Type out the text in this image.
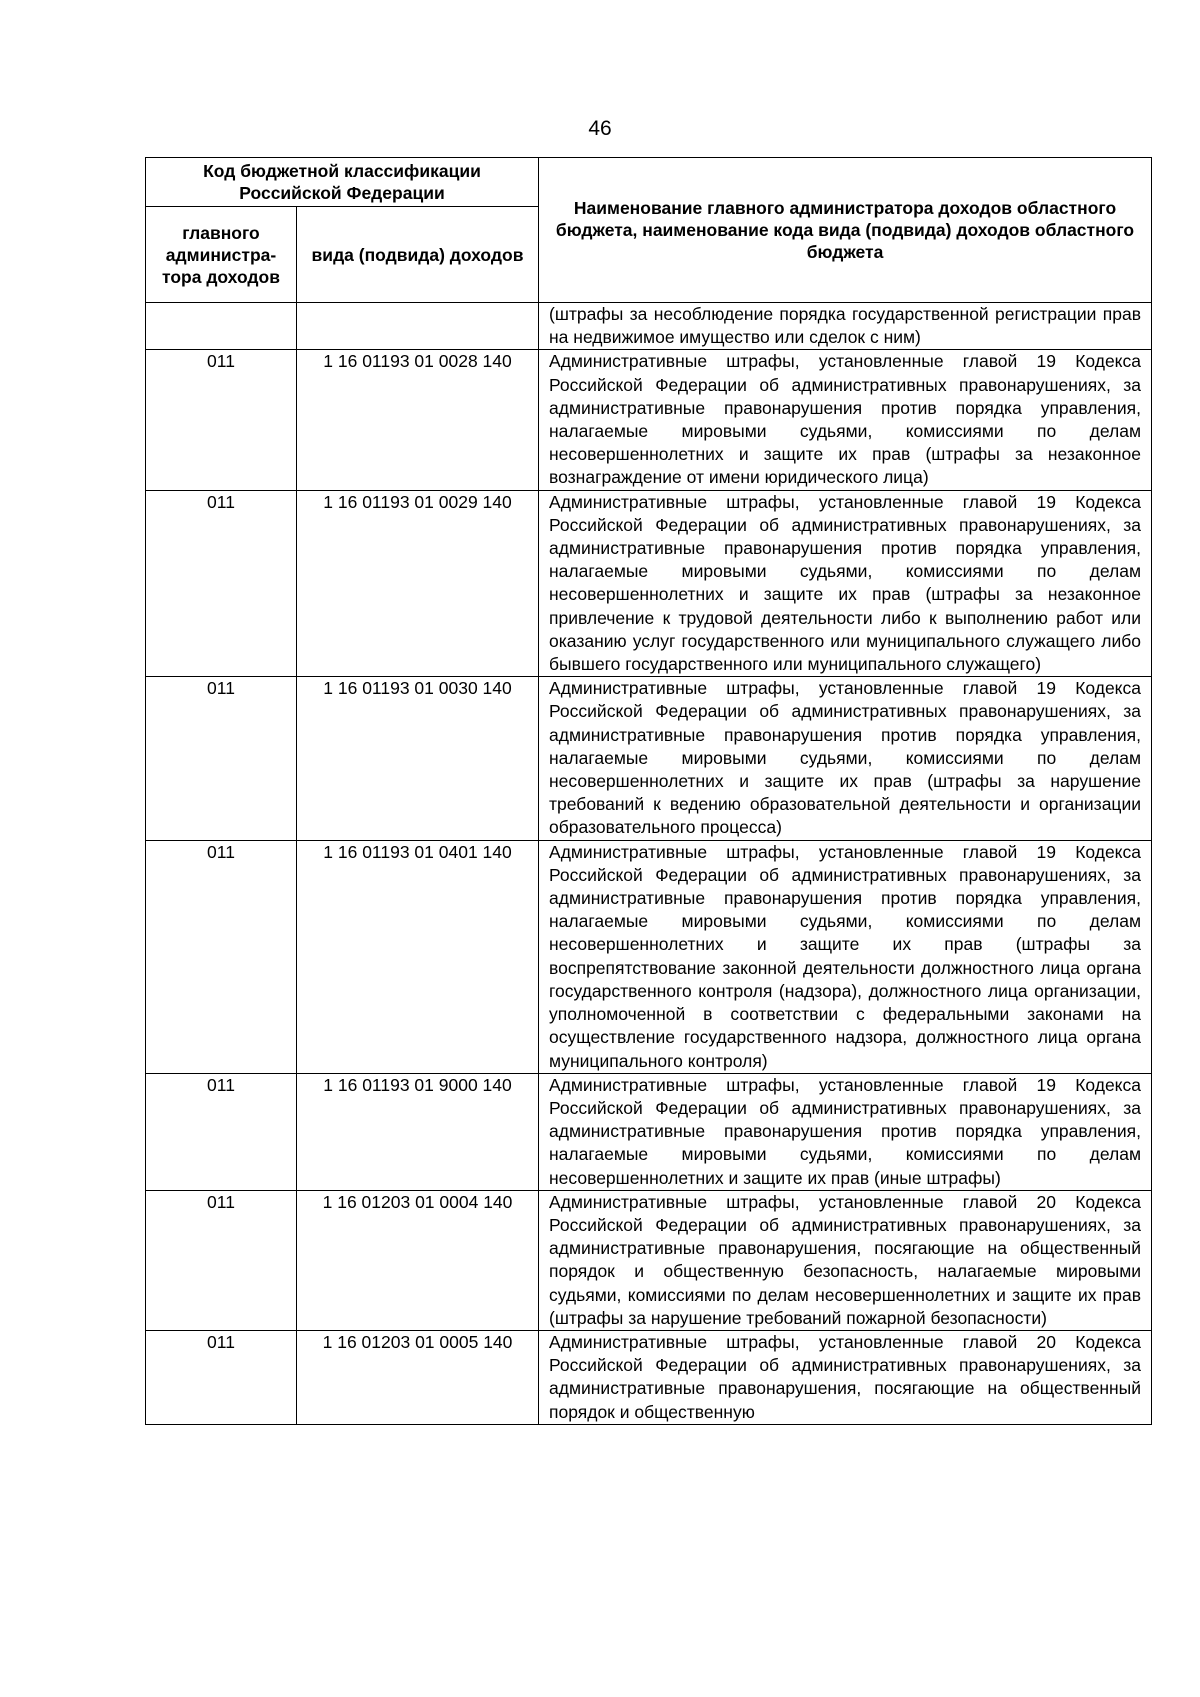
46
Код бюджетной классификации Российской Федерации		Наименование главного администратора доходов областного бюджета, наименование кода вида (подвида) доходов областного бюджета
главного администра-тора доходов	вида (подвида) доходов	
		(штрафы за несоблюдение порядка государственной регистрации прав на недвижимое имущество или сделок с ним)
011	1 16 01193 01 0028 140	Административные штрафы, установленные главой 19 Кодекса Российской Федерации об административных правонарушениях, за административные правонарушения против порядка управления, налагаемые мировыми судьями, комиссиями по делам несовершеннолетних и защите их прав (штрафы за незаконное вознаграждение от имени юридического лица)
011	1 16 01193 01 0029 140	Административные штрафы, установленные главой 19 Кодекса Российской Федерации об административных правонарушениях, за административные правонарушения против порядка управления, налагаемые мировыми судьями, комиссиями по делам несовершеннолетних и защите их прав (штрафы за незаконное привлечение к трудовой деятельности либо к выполнению работ или оказанию услуг государственного или муниципального служащего либо бывшего государственного или муниципального служащего)
011	1 16 01193 01 0030 140	Административные штрафы, установленные главой 19 Кодекса Российской Федерации об административных правонарушениях, за административные правонарушения против порядка управления, налагаемые мировыми судьями, комиссиями по делам несовершеннолетних и защите их прав (штрафы за нарушение требований к ведению образовательной деятельности и организации образовательного процесса)
011	1 16 01193 01 0401 140	Административные штрафы, установленные главой 19 Кодекса Российской Федерации об административных правонарушениях, за административные правонарушения против порядка управления, налагаемые мировыми судьями, комиссиями по делам несовершеннолетних и защите их прав (штрафы за воспрепятствование законной деятельности должностного лица органа государственного контроля (надзора), должностного лица организации, уполномоченной в соответствии с федеральными законами на осуществление государственного надзора, должностного лица органа муниципального контроля)
011	1 16 01193 01 9000 140	Административные штрафы, установленные главой 19 Кодекса Российской Федерации об административных правонарушениях, за административные правонарушения против порядка управления, налагаемые мировыми судьями, комиссиями по делам несовершеннолетних и защите их прав (иные штрафы)
011	1 16 01203 01 0004 140	Административные штрафы, установленные главой 20 Кодекса Российской Федерации об административных правонарушениях, за административные правонарушения, посягающие на общественный порядок и общественную безопасность, налагаемые мировыми судьями, комиссиями по делам несовершеннолетних и защите их прав (штрафы за нарушение требований пожарной безопасности)
011	1 16 01203 01 0005 140	Административные штрафы, установленные главой 20 Кодекса Российской Федерации об административных правонарушениях, за административные правонарушения, посягающие на общественный порядок и общественную
